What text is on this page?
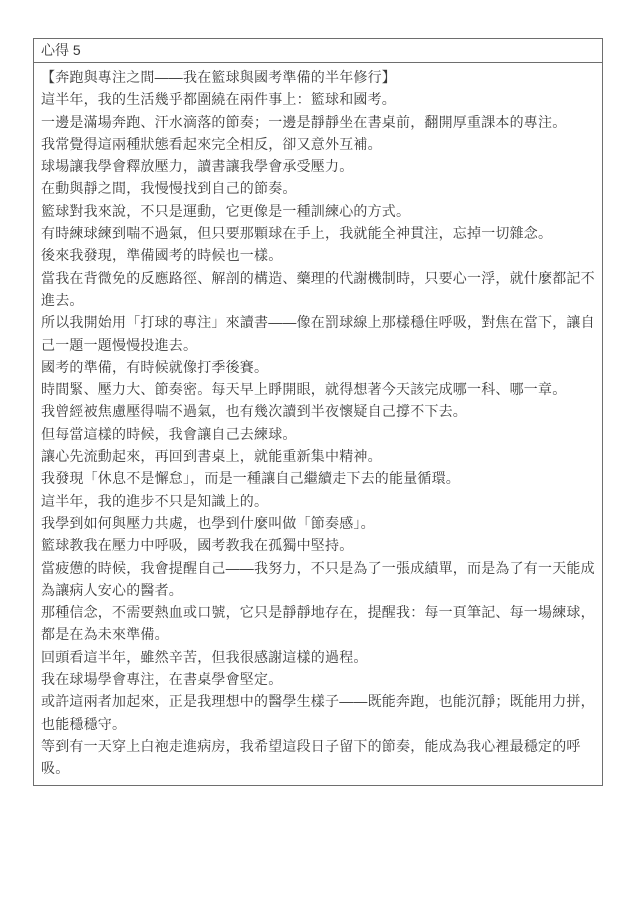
心得 5

【奔跑與專注之間——我在籃球與國考準備的半年修行】

這半年，我的生活幾乎都圍繞在兩件事上：籃球和國考。

一邊是滿場奔跑、汗水滴落的節奏；一邊是靜靜坐在書桌前，翻開厚重課本的專注。

我常覺得這兩種狀態看起來完全相反，卻又意外互補。

球場讓我學會釋放壓力，讀書讓我學會承受壓力。

在動與靜之間，我慢慢找到自己的節奏。

籃球對我來說，不只是運動，它更像是一種訓練心的方式。

有時練球練到喘不過氣，但只要那顆球在手上，我就能全神貫注，忘掉一切雜念。

後來我發現，準備國考的時候也一樣。

當我在背微免的反應路徑、解剖的構造、藥理的代謝機制時，只要心一浮，就什麼都記不進去。

所以我開始用「打球的專注」來讀書——像在罰球線上那樣穩住呼吸，對焦在當下，讓自己一題一題慢慢投進去。

國考的準備，有時候就像打季後賽。

時間緊、壓力大、節奏密。每天早上睜開眼，就得想著今天該完成哪一科、哪一章。

我曾經被焦慮壓得喘不過氣，也有幾次讀到半夜懷疑自己撐不下去。

但每當這樣的時候，我會讓自己去練球。

讓心先流動起來，再回到書桌上，就能重新集中精神。

我發現「休息不是懈怠」，而是一種讓自己繼續走下去的能量循環。

這半年，我的進步不只是知識上的。

我學到如何與壓力共處，也學到什麼叫做「節奏感」。

籃球教我在壓力中呼吸，國考教我在孤獨中堅持。

當疲憊的時候，我會提醒自己——我努力，不只是為了一張成績單，而是為了有一天能成為讓病人安心的醫者。

那種信念，不需要熱血或口號，它只是靜靜地存在，提醒我：每一頁筆記、每一場練球，都是在為未來準備。

回頭看這半年，雖然辛苦，但我很感謝這樣的過程。

我在球場學會專注，在書桌學會堅定。

或許這兩者加起來，正是我理想中的醫學生樣子——既能奔跑，也能沉靜；既能用力拼，也能穩穩守。

等到有一天穿上白袍走進病房，我希望這段日子留下的節奏，能成為我心裡最穩定的呼吸。
